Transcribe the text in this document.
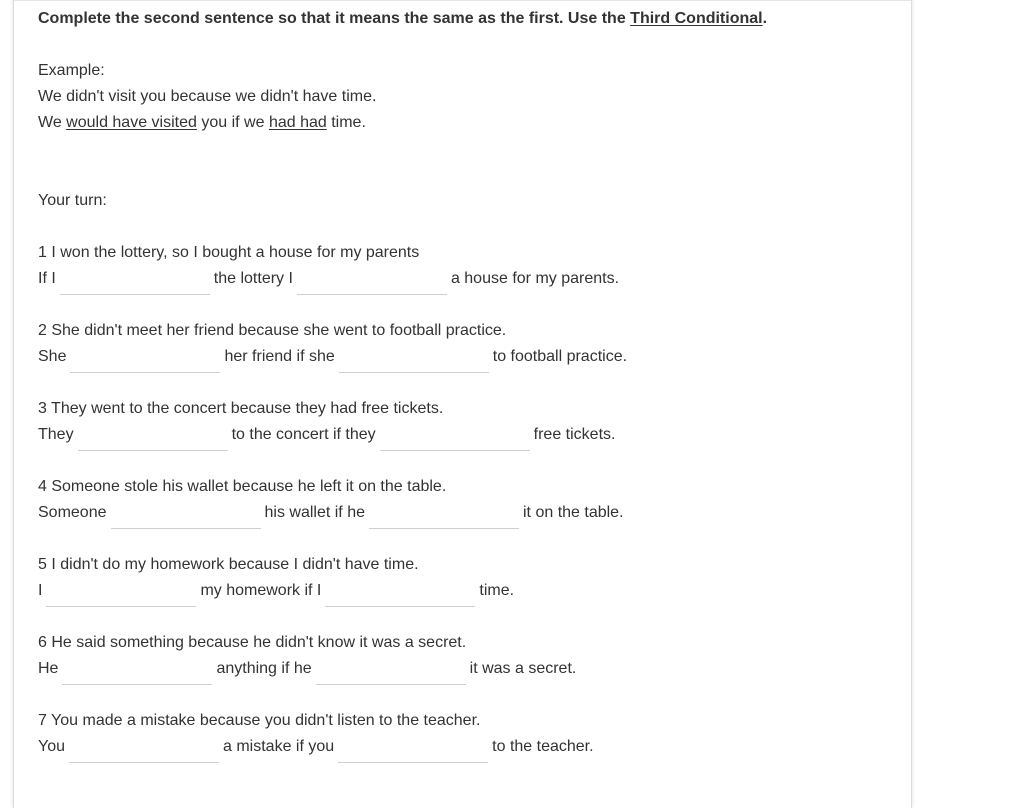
Complete the second sentence so that it means the same as the first. Use the Third Conditional.
Example:
We didn't visit you because we didn't have time.
We would have visited you if we had had time.
Your turn:
1 I won the lottery, so I bought a house for my parents
If I	the lottery I	a house for my parents.
2 She didn't meet her friend because she went to football practice.
She	her friend if she	to football practice.
3 They went to the concert because they had free tickets.
They	to the concert if they	free tickets.
4 Someone stole his wallet because he left it on the table.
Someone	his wallet if he	it on the table.
5 I didn't do my homework because I didn't have time.
I	my homework if I	time.
6 He said something because he didn't know it was a secret.
He	anything if he	it was a secret.
7 You made a mistake because you didn't listen to the teacher.
You	a mistake if you	to the teacher.
